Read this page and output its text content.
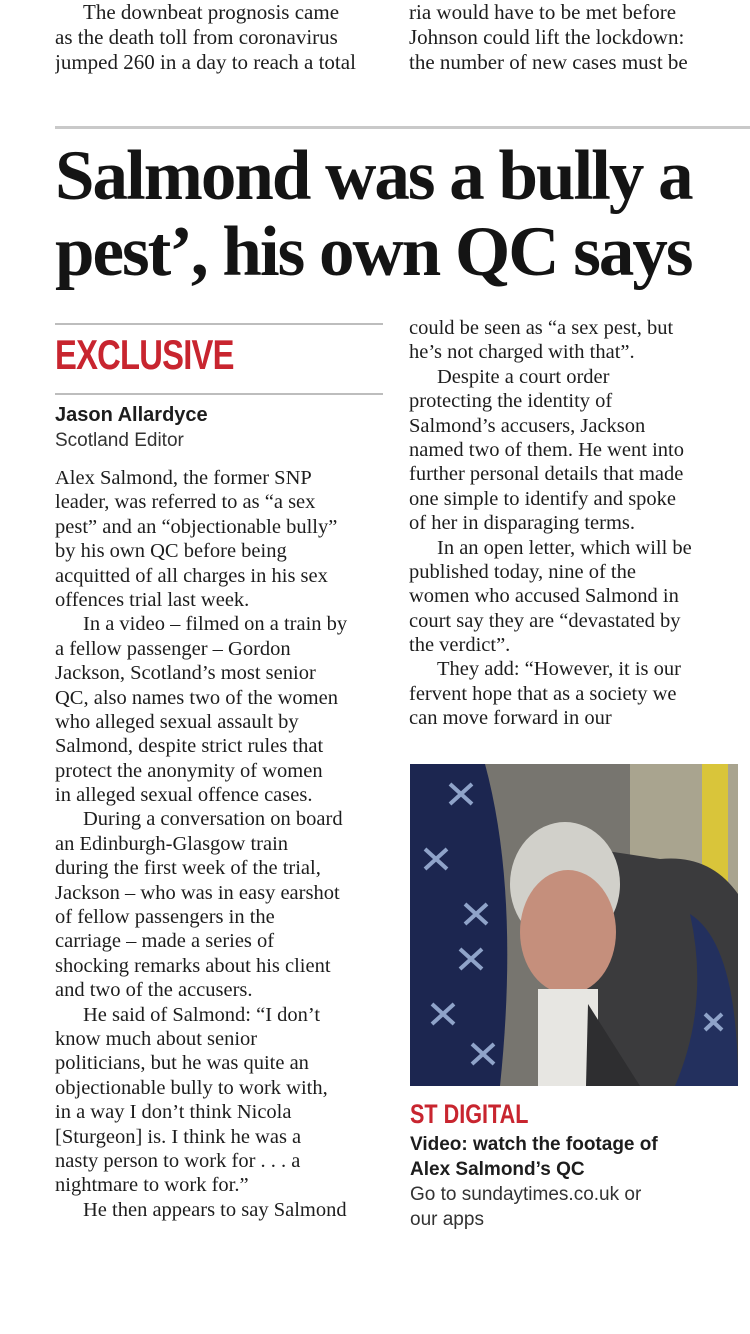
The downbeat prognosis came
as the death toll from coronavirus
jumped 260 in a day to reach a total
ria would have to be met before
Johnson could lift the lockdown:
the number of new cases must be
Salmond was a bully a
pest’, his own QC says
EXCLUSIVE
Jason Allardyce
Scotland Editor
Alex Salmond, the former SNP
leader, was referred to as “a sex
pest” and an “objectionable bully”
by his own QC before being
acquitted of all charges in his sex
offences trial last week.
In a video – filmed on a train by
a fellow passenger – Gordon
Jackson, Scotland’s most senior
QC, also names two of the women
who alleged sexual assault by
Salmond, despite strict rules that
protect the anonymity of women
in alleged sexual offence cases.
During a conversation on board
an Edinburgh-Glasgow train
during the first week of the trial,
Jackson – who was in easy earshot
of fellow passengers in the
carriage – made a series of
shocking remarks about his client
and two of the accusers.
He said of Salmond: “I don’t
know much about senior
politicians, but he was quite an
objectionable bully to work with,
in a way I don’t think Nicola
[Sturgeon] is. I think he was a
nasty person to work for . . . a
nightmare to work for.”
He then appears to say Salmond
could be seen as “a sex pest, but
he’s not charged with that”.
Despite a court order
protecting the identity of
Salmond’s accusers, Jackson
named two of them. He went into
further personal details that made
one simple to identify and spoke
of her in disparaging terms.
In an open letter, which will be
published today, nine of the
women who accused Salmond in
court say they are “devastated by
the verdict”.
They add: “However, it is our
fervent hope that as a society we
can move forward in our
ST DIGITAL
Video: watch the footage of
Alex Salmond’s QC
Go to sundaytimes.co.uk or
our apps
